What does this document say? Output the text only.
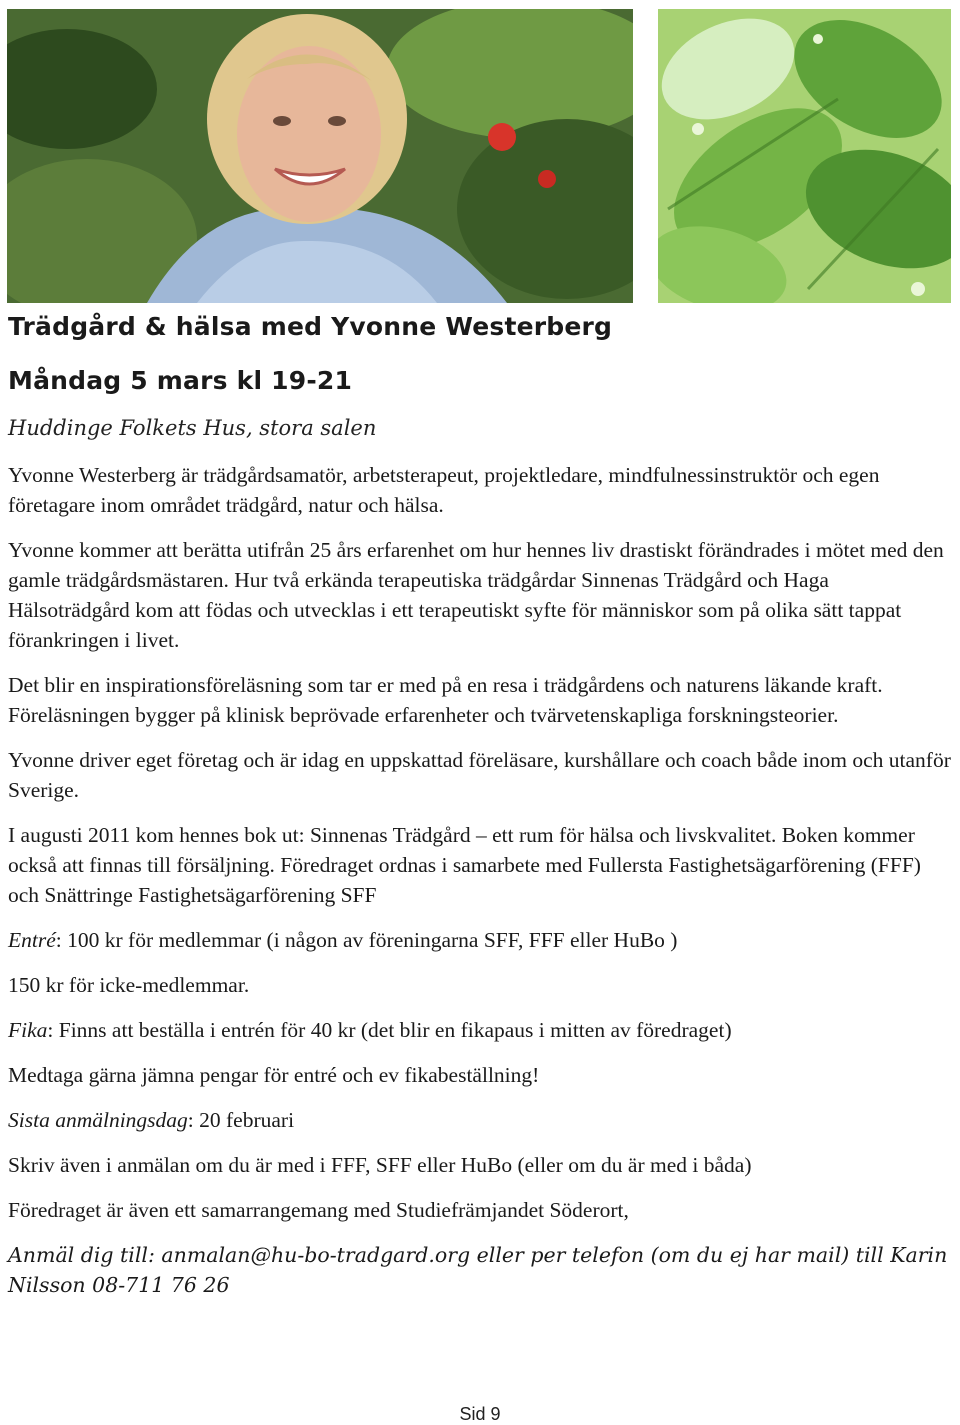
Trädgård & hälsa med Yvonne Westerberg
Måndag 5 mars kl 19-21

Huddinge Folkets Hus, stora salen

Yvonne Westerberg är trädgårdsamatör, arbetsterapeut, projektledare, mindfulnessinstruktör och egen företagare inom området trädgård, natur och hälsa.

Yvonne kommer att berätta utifrån 25 års erfarenhet om hur hennes liv drastiskt förändrades i mötet med den gamle trädgårdsmästaren. Hur två erkända terapeutiska trädgårdar Sinnenas Trädgård och Haga Hälsoträdgård kom att födas och utvecklas i ett terapeutiskt syfte för människor som på olika sätt tappat förankringen i livet.

Det blir en inspirationsföreläsning som tar er med på en resa i trädgårdens och naturens läkande kraft. Föreläsningen bygger på klinisk beprövade erfarenheter och tvärvetenskapliga forskningsteorier.

Yvonne driver eget företag och är idag en uppskattad föreläsare, kurshållare och coach både inom och utanför Sverige.

I augusti 2011 kom hennes bok ut: Sinnenas Trädgård – ett rum för hälsa och livskvalitet. Boken kommer också att finnas till försäljning. Föredraget ordnas i samarbete med Fullersta Fastighetsägarförening (FFF) och Snättringe Fastighetsägarförening SFF

Entré: 100 kr för medlemmar (i någon av föreningarna SFF, FFF eller HuBo )

150 kr för icke-medlemmar.

Fika: Finns att beställa i entrén för 40 kr (det blir en fikapaus i mitten av föredraget)

Medtaga gärna jämna pengar för entré och ev fikabeställning!

Sista anmälningsdag: 20 februari

Skriv även i anmälan om du är med i FFF, SFF eller HuBo (eller om du är med i båda)

Föredraget är även ett samarrangemang med Studiefrämjandet Söderort,

Anmäl dig till: anmalan@hu-bo-tradgard.org eller per telefon (om du ej har mail) till Karin Nilsson 08-711 76 26

Sid 9
